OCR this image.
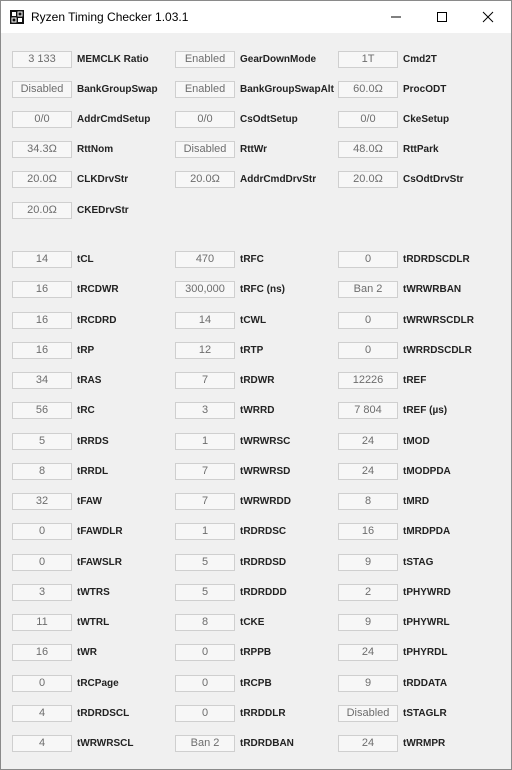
Ryzen Timing Checker 1.03.1
3 133	MEMCLK Ratio	Enabled	GearDownMode	1T	Cmd2T
Disabled	BankGroupSwap	Enabled	BankGroupSwapAlt	60.0Ω	ProcODT
0/0	AddrCmdSetup	0/0	CsOdtSetup	0/0	CkeSetup
34.3Ω	RttNom	Disabled	RttWr	48.0Ω	RttPark
20.0Ω	CLKDrvStr	20.0Ω	AddrCmdDrvStr	20.0Ω	CsOdtDrvStr
20.0Ω	CKEDrvStr
14	tCL	470	tRFC	0	tRDRDSCDLR
16	tRCDWR	300,000	tRFC (ns)	Ban 2	tWRWRBAN
16	tRCDRD	14	tCWL	0	tWRWRSCDLR
16	tRP	12	tRTP	0	tWRRDSCDLR
34	tRAS	7	tRDWR	12226	tREF
56	tRC	3	tWRRD	7 804	tREF (µs)
5	tRRDS	1	tWRWRSC	24	tMOD
8	tRRDL	7	tWRWRSD	24	tMODPDA
32	tFAW	7	tWRWRDD	8	tMRD
0	tFAWDLR	1	tRDRDSC	16	tMRDPDA
0	tFAWSLR	5	tRDRDSD	9	tSTAG
3	tWTRS	5	tRDRDDD	2	tPHYWRD
11	tWTRL	8	tCKE	9	tPHYWRL
16	tWR	0	tRPPB	24	tPHYRDL
0	tRCPage	0	tRCPB	9	tRDDATA
4	tRDRDSCL	0	tRRDDLR	Disabled	tSTAGLR
4	tWRWRSCL	Ban 2	tRDRDBAN	24	tWRMPR
